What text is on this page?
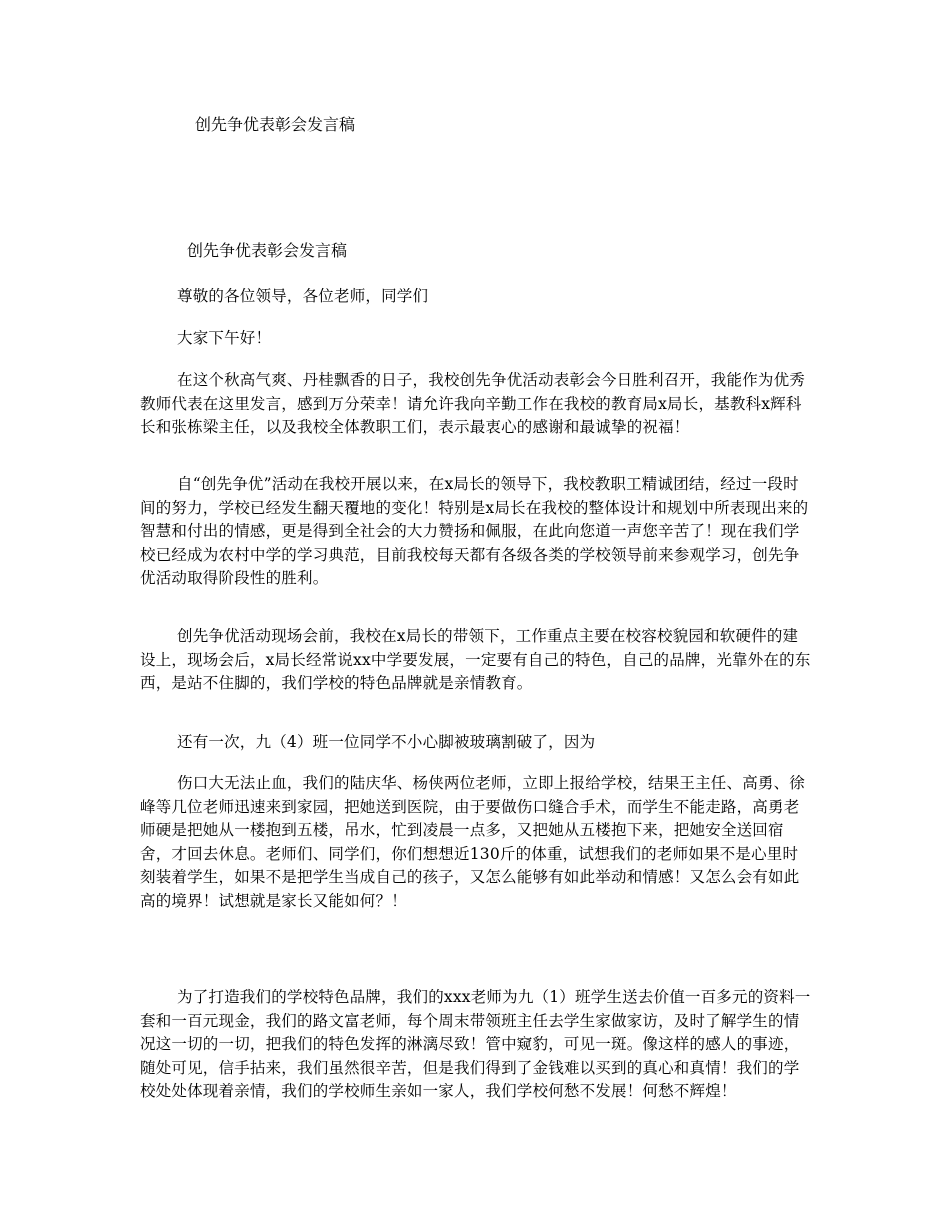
创先争优表彰会发言稿
创先争优表彰会发言稿

尊敬的各位领导，各位老师，同学们

大家下午好！

在这个秋高气爽、丹桂飘香的日子，我校创先争优活动表彰会今日胜利召开，我能作为优秀教师代表在这里发言，感到万分荣幸！请允许我向辛勤工作在我校的教育局x局长，基教科x辉科长和张栋梁主任，以及我校全体教职工们，表示最衷心的感谢和最诚挚的祝福！

自“创先争优”活动在我校开展以来，在x局长的领导下，我校教职工精诚团结，经过一段时间的努力，学校已经发生翻天覆地的变化！特别是x局长在我校的整体设计和规划中所表现出来的智慧和付出的情感，更是得到全社会的大力赞扬和佩服，在此向您道一声您辛苦了！现在我们学校已经成为农村中学的学习典范，目前我校每天都有各级各类的学校领导前来参观学习，创先争优活动取得阶段性的胜利。

创先争优活动现场会前，我校在x局长的带领下，工作重点主要在校容校貌园和软硬件的建设上，现场会后，x局长经常说xx中学要发展，一定要有自己的特色，自己的品牌，光靠外在的东西，是站不住脚的，我们学校的特色品牌就是亲情教育。

还有一次，九（4）班一位同学不小心脚被玻璃割破了，因为

伤口大无法止血，我们的陆庆华、杨侠两位老师，立即上报给学校，结果王主任、高勇、徐峰等几位老师迅速来到家园，把她送到医院，由于要做伤口缝合手术，而学生不能走路，高勇老师硬是把她从一楼抱到五楼，吊水，忙到凌晨一点多，又把她从五楼抱下来，把她安全送回宿舍，才回去休息。老师们、同学们，你们想想近130斤的体重，试想我们的老师如果不是心里时刻装着学生，如果不是把学生当成自己的孩子，又怎么能够有如此举动和情感！又怎么会有如此高的境界！试想就是家长又能如何？！

为了打造我们的学校特色品牌，我们的xxx老师为九（1）班学生送去价值一百多元的资料一套和一百元现金，我们的路文富老师，每个周末带领班主任去学生家做家访，及时了解学生的情况这一切的一切，把我们的特色发挥的淋漓尽致！管中窥豹，可见一斑。像这样的感人的事迹，随处可见，信手拈来，我们虽然很辛苦，但是我们得到了金钱难以买到的真心和真情！我们的学校处处体现着亲情，我们的学校师生亲如一家人，我们学校何愁不发展！何愁不辉煌！
